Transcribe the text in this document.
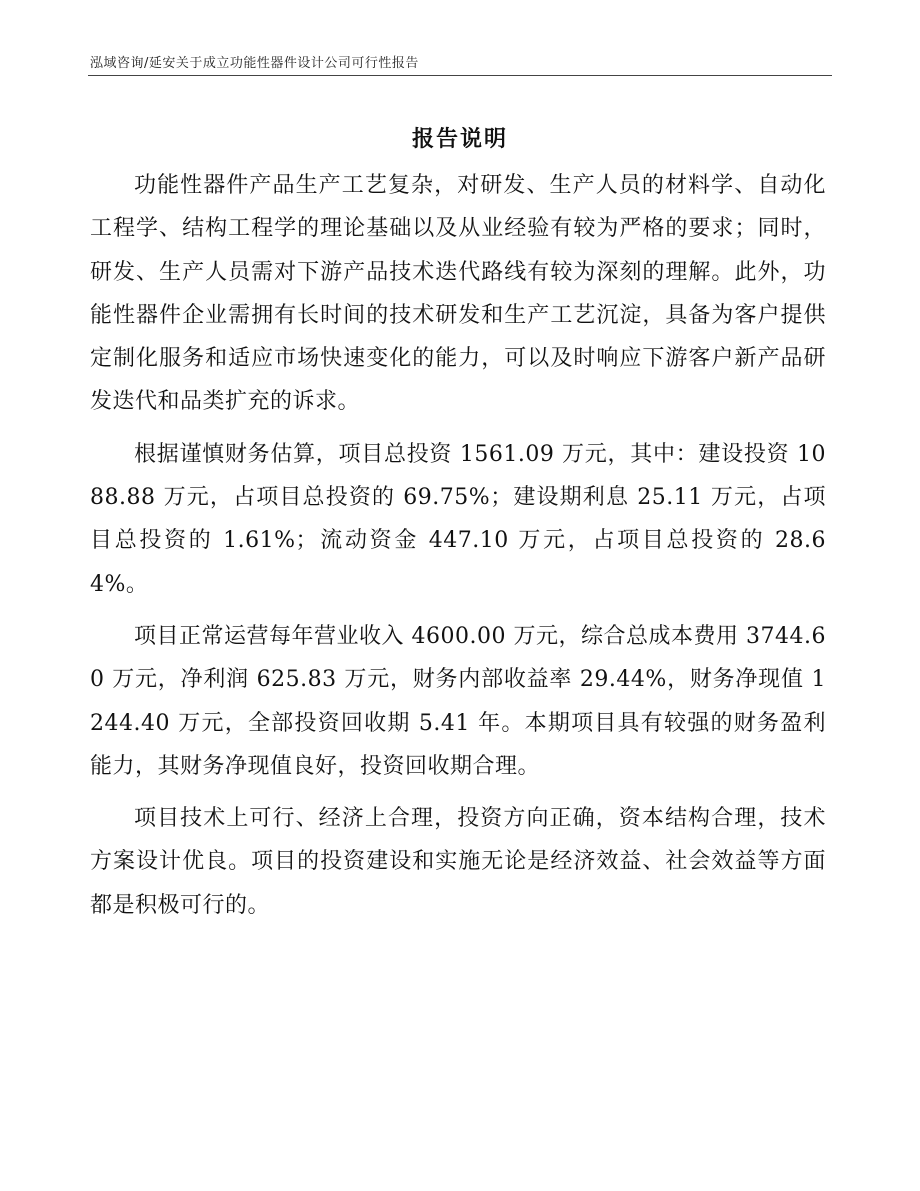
泓域咨询/延安关于成立功能性器件设计公司可行性报告
报告说明

功能性器件产品生产工艺复杂，对研发、生产人员的材料学、自动化工程学、结构工程学的理论基础以及从业经验有较为严格的要求；同时，研发、生产人员需对下游产品技术迭代路线有较为深刻的理解。此外，功能性器件企业需拥有长时间的技术研发和生产工艺沉淀，具备为客户提供定制化服务和适应市场快速变化的能力，可以及时响应下游客户新产品研发迭代和品类扩充的诉求。

根据谨慎财务估算，项目总投资 1561.09 万元，其中：建设投资 1088.88 万元，占项目总投资的 69.75%；建设期利息 25.11 万元，占项目总投资的 1.61%；流动资金 447.10 万元，占项目总投资的 28.64%。

项目正常运营每年营业收入 4600.00 万元，综合总成本费用 3744.60 万元，净利润 625.83 万元，财务内部收益率 29.44%，财务净现值 1244.40 万元，全部投资回收期 5.41 年。本期项目具有较强的财务盈利能力，其财务净现值良好，投资回收期合理。

项目技术上可行、经济上合理，投资方向正确，资本结构合理，技术方案设计优良。项目的投资建设和实施无论是经济效益、社会效益等方面都是积极可行的。
